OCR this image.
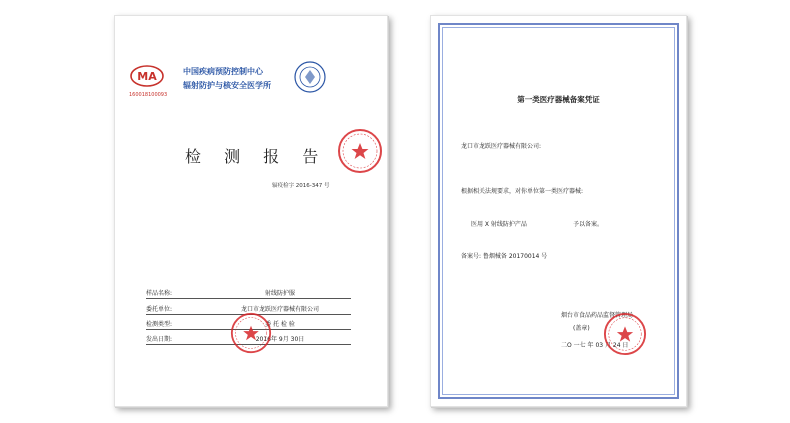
MA
160018100093
中国疾病预防控制中心
辐射防护与核安全医学所
检 测 报 告
辐疫检字 2016-347 号
样品名称:	射线防护服
委托单位:	龙口市龙跃医疗器械有限公司
检测类型:	委 托 检 验
发出日期:	2016年 9月 30日
第一类医疗器械备案凭证
龙口市龙跃医疗器械有限公司:
根据相关法规要求，对你单位第一类医疗器械:
医用 X 射线防护产品	予以备案。
备案号: 鲁烟械备 20170014 号
烟台市食品药品监督管理局
(盖章)
二O 一七 年 03 月 24 日
